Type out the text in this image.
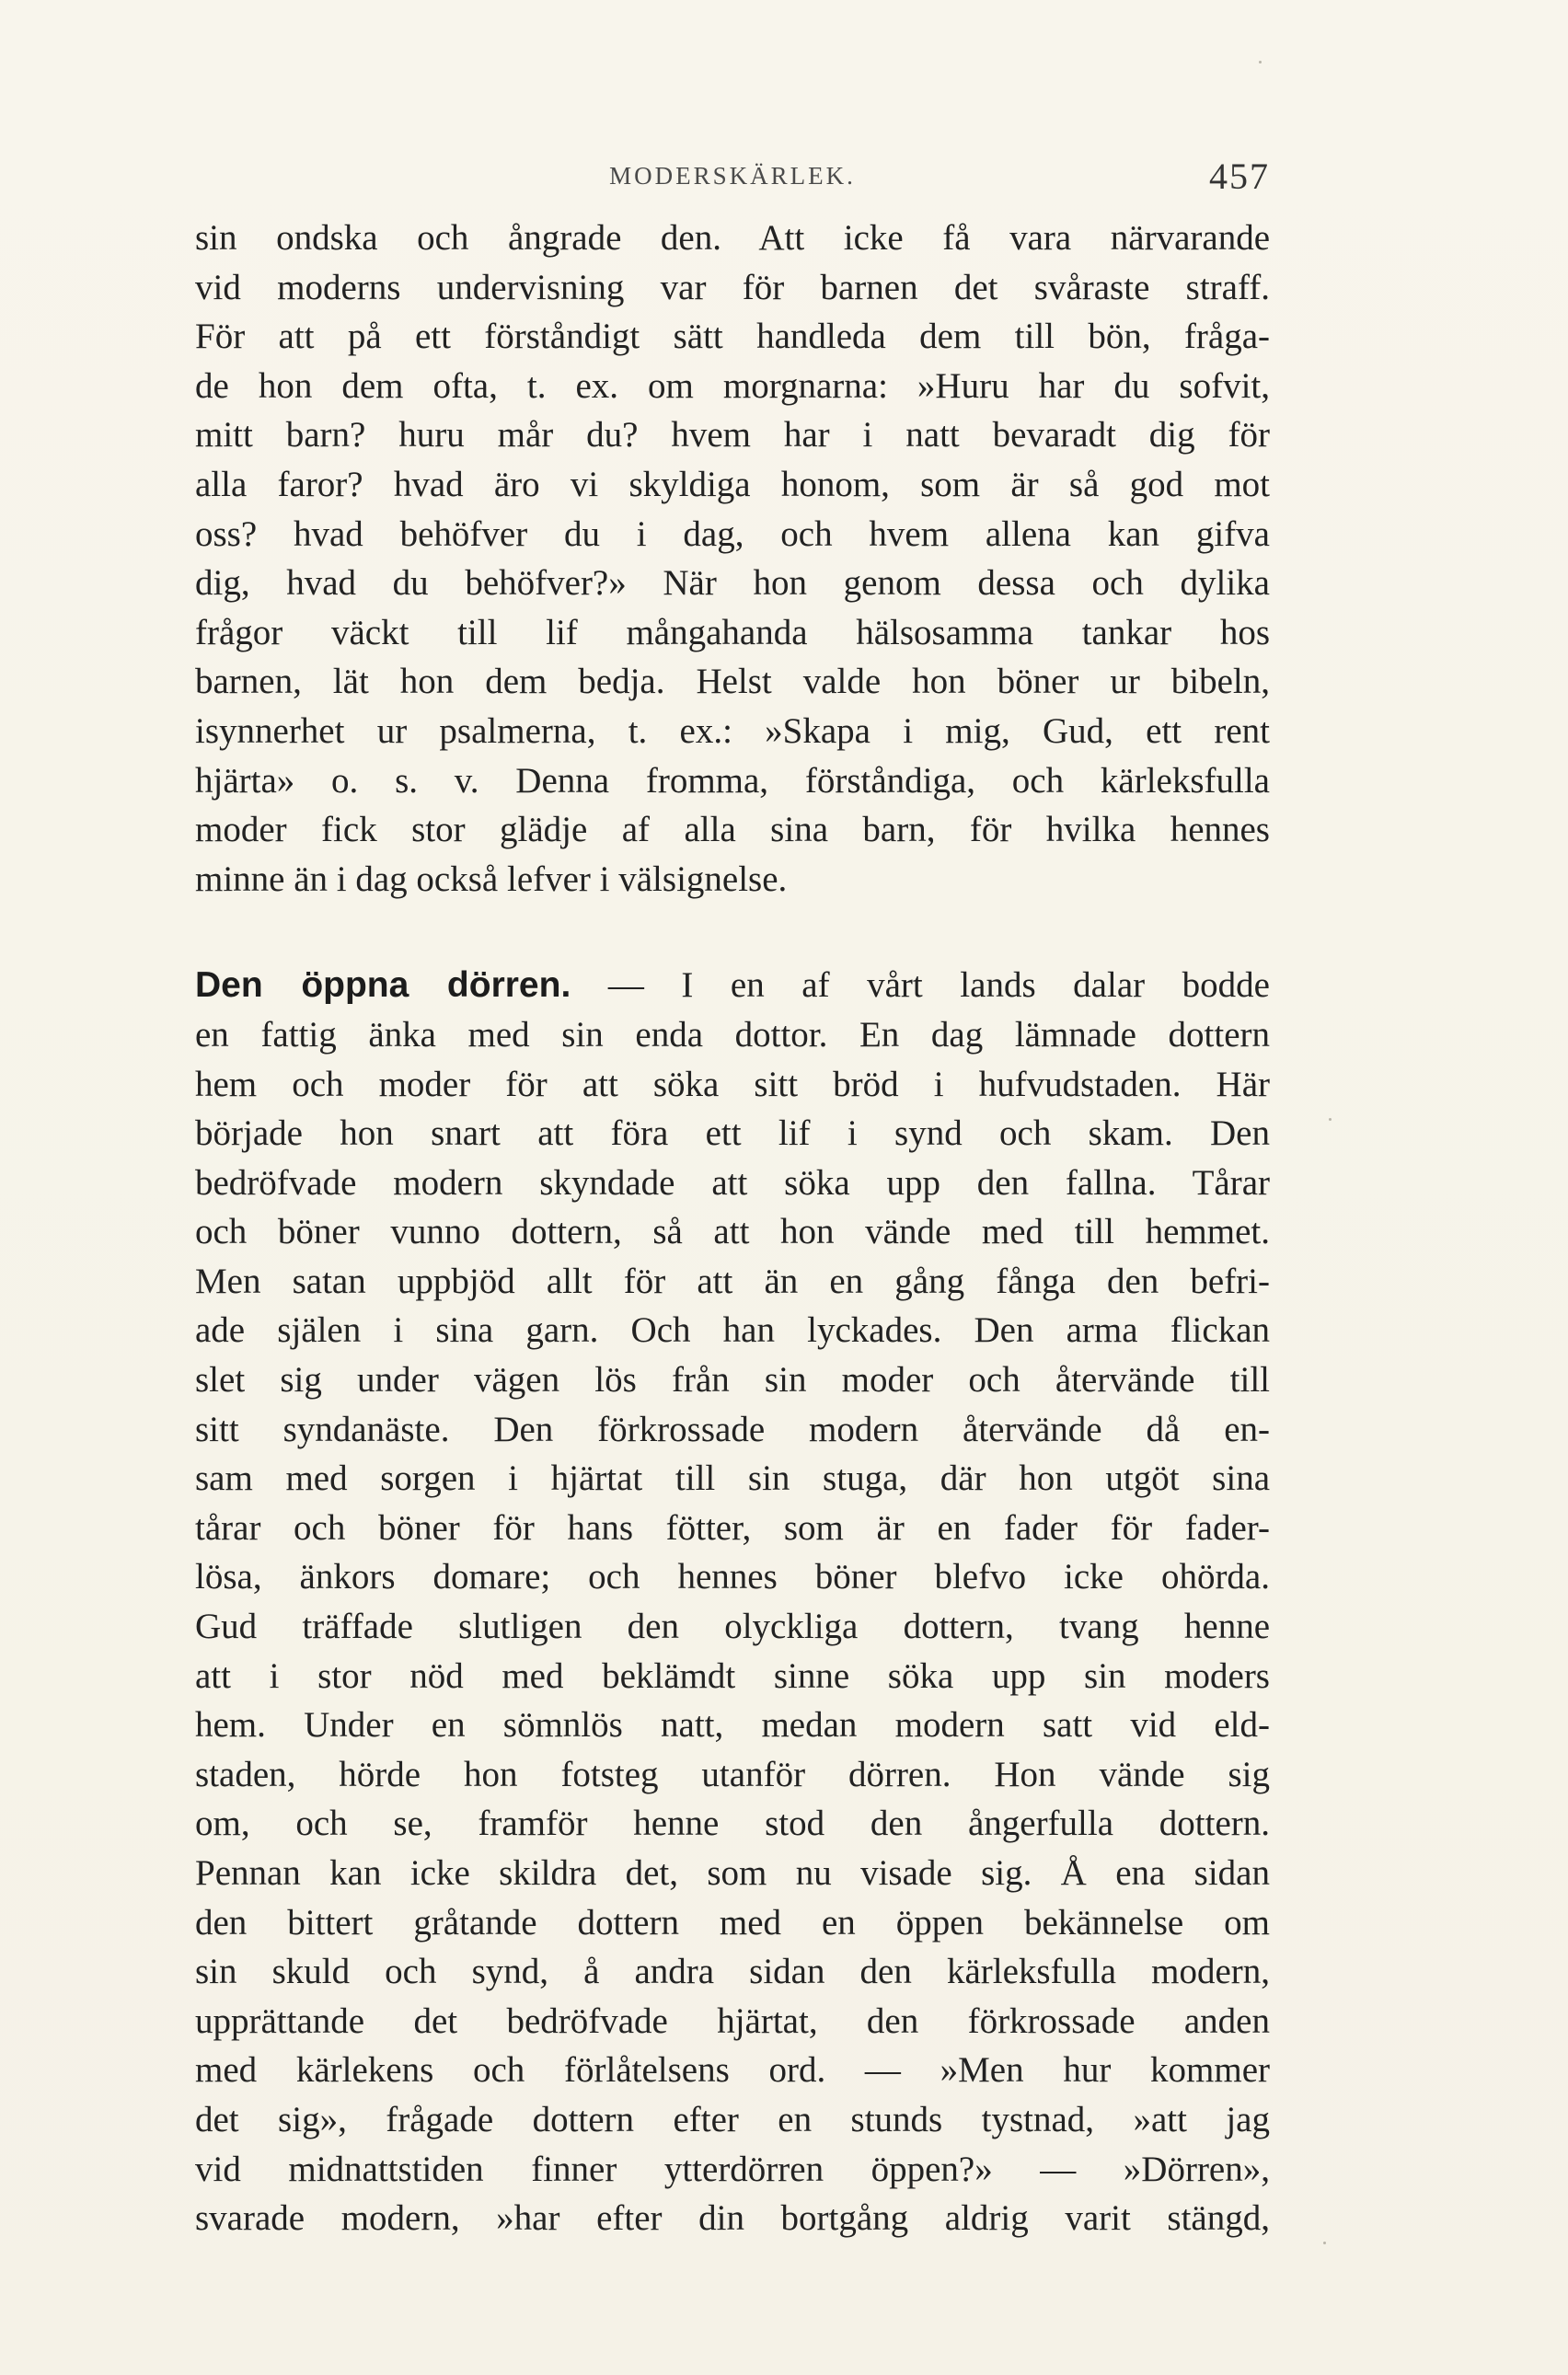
MODERSKÄRLEK.	457
sin ondska och ångrade den. Att icke få vara närvarande
vid moderns undervisning var för barnen det svåraste straff.
För att på ett förståndigt sätt handleda dem till bön, fråga-
de hon dem ofta, t. ex. om morgnarna: »Huru har du sofvit,
mitt barn? huru mår du? hvem har i natt bevaradt dig för
alla faror? hvad äro vi skyldiga honom, som är så god mot
oss? hvad behöfver du i dag, och hvem allena kan gifva
dig, hvad du behöfver?» När hon genom dessa och dylika
frågor väckt till lif mångahanda hälsosamma tankar hos
barnen, lät hon dem bedja. Helst valde hon böner ur bibeln,
isynnerhet ur psalmerna, t. ex.: »Skapa i mig, Gud, ett rent
hjärta» o. s. v. Denna fromma, förståndiga, och kärleksfulla
moder fick stor glädje af alla sina barn, för hvilka hennes
minne än i dag också lefver i välsignelse.
Den öppna dörren. — I en af vårt lands dalar bodde
en fattig änka med sin enda dottor. En dag lämnade dottern
hem och moder för att söka sitt bröd i hufvudstaden. Här
började hon snart att föra ett lif i synd och skam. Den
bedröfvade modern skyndade att söka upp den fallna. Tårar
och böner vunno dottern, så att hon vände med till hemmet.
Men satan uppbjöd allt för att än en gång fånga den befri-
ade själen i sina garn. Och han lyckades. Den arma flickan
slet sig under vägen lös från sin moder och återvände till
sitt syndanäste. Den förkrossade modern återvände då en-
sam med sorgen i hjärtat till sin stuga, där hon utgöt sina
tårar och böner för hans fötter, som är en fader för fader-
lösa, änkors domare; och hennes böner blefvo icke ohörda.
Gud träffade slutligen den olyckliga dottern, tvang henne
att i stor nöd med beklämdt sinne söka upp sin moders
hem. Under en sömnlös natt, medan modern satt vid eld-
staden, hörde hon fotsteg utanför dörren. Hon vände sig
om, och se, framför henne stod den ångerfulla dottern.
Pennan kan icke skildra det, som nu visade sig. Å ena sidan
den bittert gråtande dottern med en öppen bekännelse om
sin skuld och synd, å andra sidan den kärleksfulla modern,
upprättande det bedröfvade hjärtat, den förkrossade anden
med kärlekens och förlåtelsens ord. — »Men hur kommer
det sig», frågade dottern efter en stunds tystnad, »att jag
vid midnattstiden finner ytterdörren öppen?» — »Dörren»,
svarade modern, »har efter din bortgång aldrig varit stängd,
